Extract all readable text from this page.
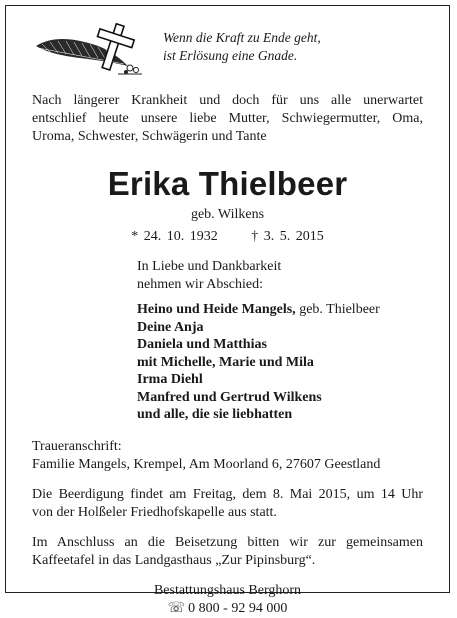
Wenn die Kraft zu Ende geht,
ist Erlösung eine Gnade.
Nach längerer Krankheit und doch für uns alle unerwartet
entschlief heute unsere liebe Mutter, Schwiegermutter, Oma,
Uroma, Schwester, Schwägerin und Tante
Erika Thielbeer
geb. Wilkens
* 24. 10. 1932 † 3. 5. 2015
In Liebe und Dankbarkeit
nehmen wir Abschied:
Heino und Heide Mangels, geb. Thielbeer
Deine Anja
Daniela und Matthias
mit Michelle, Marie und Mila
Irma Diehl
Manfred und Gertrud Wilkens
und alle, die sie liebhatten
Traueranschrift:
Familie Mangels, Krempel, Am Moorland 6, 27607 Geestland
Die Beerdigung findet am Freitag, dem 8. Mai 2015, um 14 Uhr
von der Holßeler Friedhofskapelle aus statt.
Im Anschluss an die Beisetzung bitten wir zur gemeinsamen
Kaffeetafel in das Landgasthaus „Zur Pipinsburg“.
Bestattungshaus Berghorn
☏ 0 800 - 92 94 000
